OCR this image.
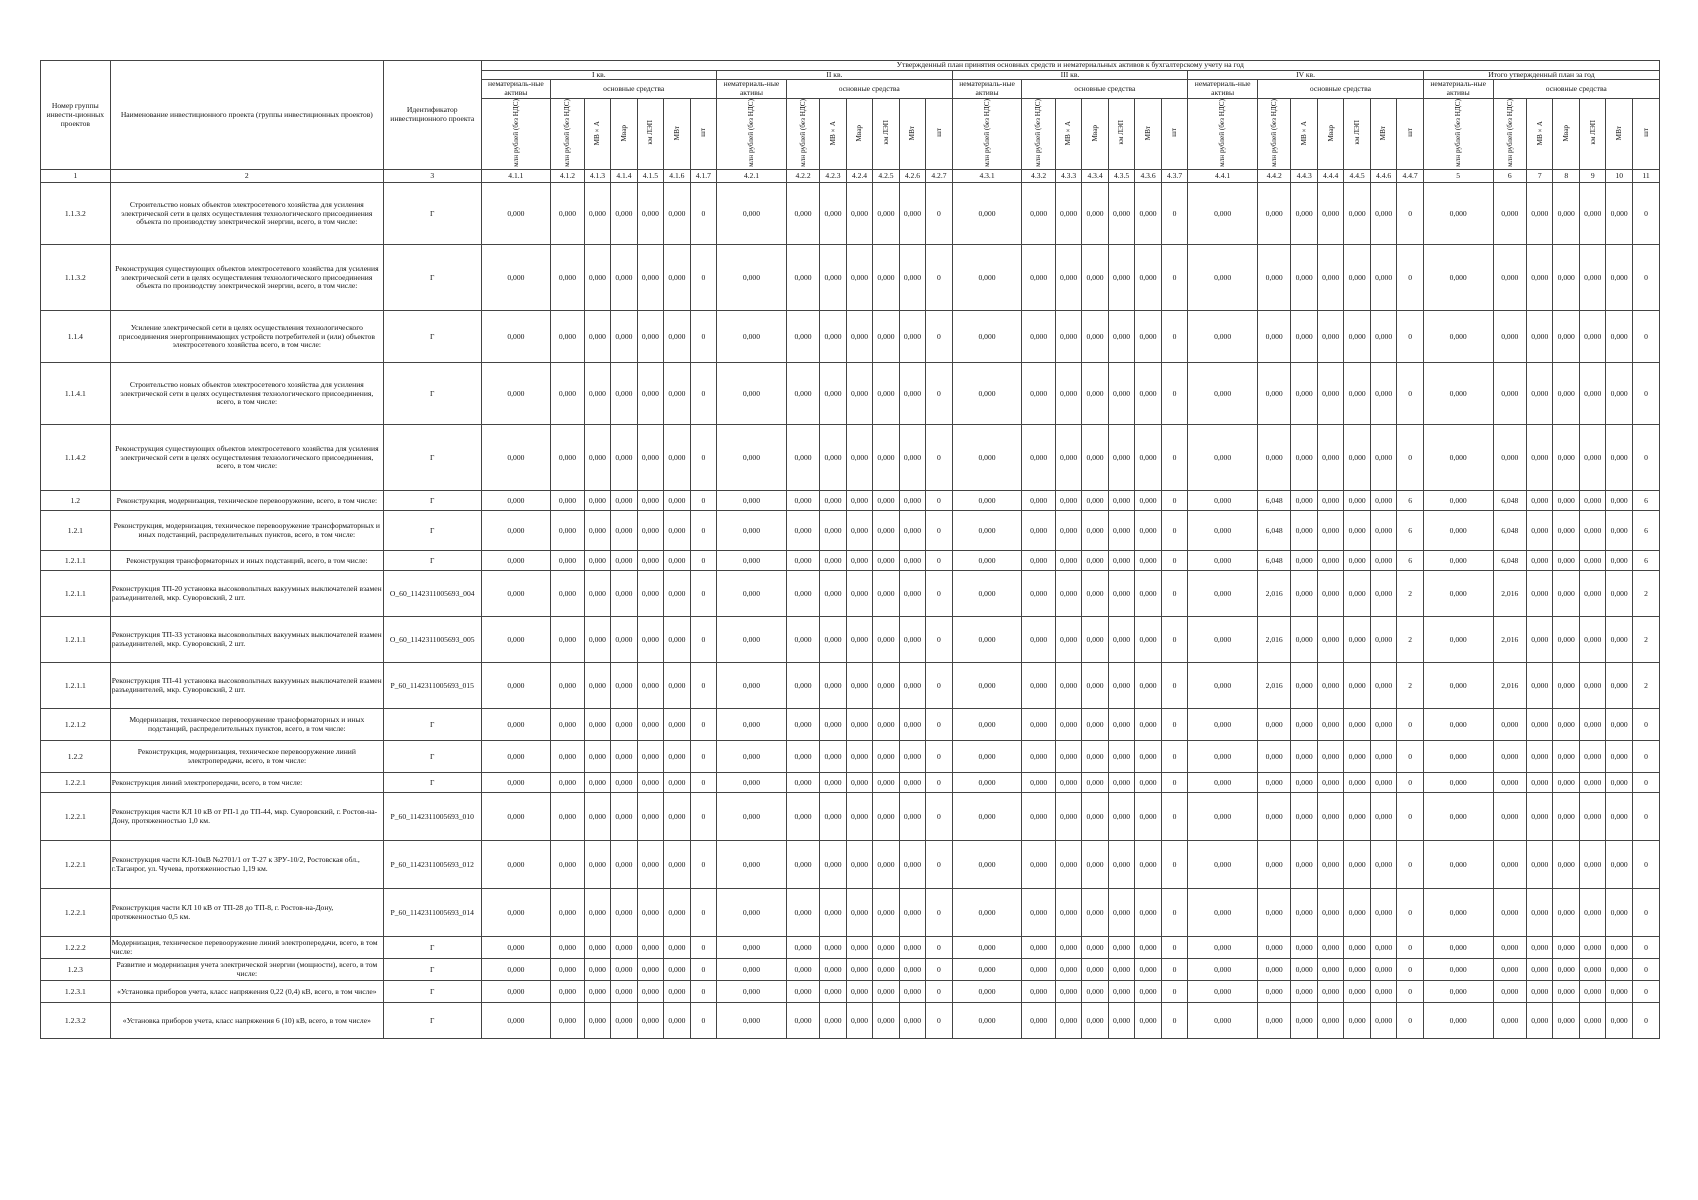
Номер группы инвести-ционных проектов	Наименование инвестиционного проекта (группы инвестиционных проектов)	Идентификатор инвестиционного проекта	Утвержденный план принятия основных средств и нематериальных активов к бухгалтерскому учету на год																																		
			I кв.							II кв.							III кв.							IV кв.							Итого утвержденный план за год						
			нематериаль-ные активы	основные средства						нематериаль-ные активы	основные средства						нематериаль-ные активы	основные средства						нематериаль-ные активы	основные средства						нематериаль-ные активы	основные средства					
			млн рублей (без НДС)	млн рублей (без НДС)	МВ×А	Мвар	км ЛЭП	МВт	шт	млн рублей (без НДС)	млн рублей (без НДС)	МВ×А	Мвар	км ЛЭП	МВт	шт	млн рублей (без НДС)	млн рублей (без НДС)	МВ×А	Мвар	км ЛЭП	МВт	шт	млн рублей (без НДС)	млн рублей (без НДС)	МВ×А	Мвар	км ЛЭП	МВт	шт	млн рублей (без НДС)	млн рублей (без НДС)	МВ×А	Мвар	км ЛЭП	МВт	шт
1	2	3	4.1.1	4.1.2	4.1.3	4.1.4	4.1.5	4.1.6	4.1.7	4.2.1	4.2.2	4.2.3	4.2.4	4.2.5	4.2.6	4.2.7	4.3.1	4.3.2	4.3.3	4.3.4	4.3.5	4.3.6	4.3.7	4.4.1	4.4.2	4.4.3	4.4.4	4.4.5	4.4.6	4.4.7	5	6	7	8	9	10	11
1.1.3.2	Строительство новых объектов электросетевого хозяйства для усиления электрической сети в целях осуществления технологического присоединения объекта по производству электрической энергии, всего, в том числе:	Г	0,000	0,000	0,000	0,000	0,000	0,000	0	0,000	0,000	0,000	0,000	0,000	0,000	0	0,000	0,000	0,000	0,000	0,000	0,000	0	0,000	0,000	0,000	0,000	0,000	0,000	0	0,000	0,000	0,000	0,000	0,000	0,000	0
1.1.3.2	Реконструкция существующих объектов электросетевого хозяйства для усиления электрической сети в целях осуществления технологического присоединения объекта по производству электрической энергии, всего, в том числе:	Г	0,000	0,000	0,000	0,000	0,000	0,000	0	0,000	0,000	0,000	0,000	0,000	0,000	0	0,000	0,000	0,000	0,000	0,000	0,000	0	0,000	0,000	0,000	0,000	0,000	0,000	0	0,000	0,000	0,000	0,000	0,000	0,000	0
1.1.4	Усиление электрической сети в целях осуществления технологического присоединения энергопринимающих устройств потребителей и (или) объектов электросетевого хозяйства всего, в том числе:	Г	0,000	0,000	0,000	0,000	0,000	0,000	0	0,000	0,000	0,000	0,000	0,000	0,000	0	0,000	0,000	0,000	0,000	0,000	0,000	0	0,000	0,000	0,000	0,000	0,000	0,000	0	0,000	0,000	0,000	0,000	0,000	0,000	0
1.1.4.1	Строительство новых объектов электросетевого хозяйства для усиления электрической сети в целях осуществления технологического присоединения, всего, в том числе:	Г	0,000	0,000	0,000	0,000	0,000	0,000	0	0,000	0,000	0,000	0,000	0,000	0,000	0	0,000	0,000	0,000	0,000	0,000	0,000	0	0,000	0,000	0,000	0,000	0,000	0,000	0	0,000	0,000	0,000	0,000	0,000	0,000	0
1.1.4.2	Реконструкция существующих объектов электросетевого хозяйства для усиления электрической сети в целях осуществления технологического присоединения, всего, в том числе:	Г	0,000	0,000	0,000	0,000	0,000	0,000	0	0,000	0,000	0,000	0,000	0,000	0,000	0	0,000	0,000	0,000	0,000	0,000	0,000	0	0,000	0,000	0,000	0,000	0,000	0,000	0	0,000	0,000	0,000	0,000	0,000	0,000	0
1.2	Реконструкция, модернизация, техническое перевооружение, всего, в том числе:	Г	0,000	0,000	0,000	0,000	0,000	0,000	0	0,000	0,000	0,000	0,000	0,000	0,000	0	0,000	0,000	0,000	0,000	0,000	0,000	0	0,000	6,048	0,000	0,000	0,000	0,000	6	0,000	6,048	0,000	0,000	0,000	0,000	6
1.2.1	Реконструкция, модернизация, техническое перевооружение трансформаторных и иных подстанций, распределительных пунктов, всего, в том числе:	Г	0,000	0,000	0,000	0,000	0,000	0,000	0	0,000	0,000	0,000	0,000	0,000	0,000	0	0,000	0,000	0,000	0,000	0,000	0,000	0	0,000	6,048	0,000	0,000	0,000	0,000	6	0,000	6,048	0,000	0,000	0,000	0,000	6
1.2.1.1	Реконструкция трансформаторных и иных подстанций, всего, в том числе:	Г	0,000	0,000	0,000	0,000	0,000	0,000	0	0,000	0,000	0,000	0,000	0,000	0,000	0	0,000	0,000	0,000	0,000	0,000	0,000	0	0,000	6,048	0,000	0,000	0,000	0,000	6	0,000	6,048	0,000	0,000	0,000	0,000	6
1.2.1.1	Реконструкция ТП-20 установка высоковольтных вакуумных выключателей взамен разъединителей, мкр. Суворовский, 2 шт.	O_60_1142311005693_004	0,000	0,000	0,000	0,000	0,000	0,000	0	0,000	0,000	0,000	0,000	0,000	0,000	0	0,000	0,000	0,000	0,000	0,000	0,000	0	0,000	2,016	0,000	0,000	0,000	0,000	2	0,000	2,016	0,000	0,000	0,000	0,000	2
1.2.1.1	Реконструкция ТП-33 установка высоковольтных вакуумных выключателей взамен разъединителей, мкр. Суворовский, 2 шт.	O_60_1142311005693_005	0,000	0,000	0,000	0,000	0,000	0,000	0	0,000	0,000	0,000	0,000	0,000	0,000	0	0,000	0,000	0,000	0,000	0,000	0,000	0	0,000	2,016	0,000	0,000	0,000	0,000	2	0,000	2,016	0,000	0,000	0,000	0,000	2
1.2.1.1	Реконструкция ТП-41 установка высоковольтных вакуумных выключателей взамен разъединителей, мкр. Суворовский, 2 шт.	P_60_1142311005693_015	0,000	0,000	0,000	0,000	0,000	0,000	0	0,000	0,000	0,000	0,000	0,000	0,000	0	0,000	0,000	0,000	0,000	0,000	0,000	0	0,000	2,016	0,000	0,000	0,000	0,000	2	0,000	2,016	0,000	0,000	0,000	0,000	2
1.2.1.2	Модернизация, техническое перевооружение трансформаторных и иных подстанций, распределительных пунктов, всего, в том числе:	Г	0,000	0,000	0,000	0,000	0,000	0,000	0	0,000	0,000	0,000	0,000	0,000	0,000	0	0,000	0,000	0,000	0,000	0,000	0,000	0	0,000	0,000	0,000	0,000	0,000	0,000	0	0,000	0,000	0,000	0,000	0,000	0,000	0
1.2.2	Реконструкция, модернизация, техническое перевооружение линий электропередачи, всего, в том числе:	Г	0,000	0,000	0,000	0,000	0,000	0,000	0	0,000	0,000	0,000	0,000	0,000	0,000	0	0,000	0,000	0,000	0,000	0,000	0,000	0	0,000	0,000	0,000	0,000	0,000	0,000	0	0,000	0,000	0,000	0,000	0,000	0,000	0
1.2.2.1	Реконструкция линий электропередачи, всего, в том числе:	Г	0,000	0,000	0,000	0,000	0,000	0,000	0	0,000	0,000	0,000	0,000	0,000	0,000	0	0,000	0,000	0,000	0,000	0,000	0,000	0	0,000	0,000	0,000	0,000	0,000	0,000	0	0,000	0,000	0,000	0,000	0,000	0,000	0
1.2.2.1	Реконструкция части КЛ 10 кВ от РП-1 до ТП-44, мкр. Суворовский, г. Ростов-на-Дону, протяженностью 1,0 км.	P_60_1142311005693_010	0,000	0,000	0,000	0,000	0,000	0,000	0	0,000	0,000	0,000	0,000	0,000	0,000	0	0,000	0,000	0,000	0,000	0,000	0,000	0	0,000	0,000	0,000	0,000	0,000	0,000	0	0,000	0,000	0,000	0,000	0,000	0,000	0
1.2.2.1	Реконструкция части КЛ-10кВ №2701/1 от Т-27 к ЗРУ-10/2, Ростовская обл., г.Таганрог, ул. Чучева, протяженностью 1,19 км.	P_60_1142311005693_012	0,000	0,000	0,000	0,000	0,000	0,000	0	0,000	0,000	0,000	0,000	0,000	0,000	0	0,000	0,000	0,000	0,000	0,000	0,000	0	0,000	0,000	0,000	0,000	0,000	0,000	0	0,000	0,000	0,000	0,000	0,000	0,000	0
1.2.2.1	Реконструкция части КЛ 10 кВ от ТП-28 до ТП-8, г. Ростов-на-Дону, протяженностью 0,5 км.	P_60_1142311005693_014	0,000	0,000	0,000	0,000	0,000	0,000	0	0,000	0,000	0,000	0,000	0,000	0,000	0	0,000	0,000	0,000	0,000	0,000	0,000	0	0,000	0,000	0,000	0,000	0,000	0,000	0	0,000	0,000	0,000	0,000	0,000	0,000	0
1.2.2.2	Модернизация, техническое перевооружение линий электропередачи, всего, в том числе:	Г	0,000	0,000	0,000	0,000	0,000	0,000	0	0,000	0,000	0,000	0,000	0,000	0,000	0	0,000	0,000	0,000	0,000	0,000	0,000	0	0,000	0,000	0,000	0,000	0,000	0,000	0	0,000	0,000	0,000	0,000	0,000	0,000	0
1.2.3	Развитие и модернизация учета электрической энергии (мощности), всего, в том числе:	Г	0,000	0,000	0,000	0,000	0,000	0,000	0	0,000	0,000	0,000	0,000	0,000	0,000	0	0,000	0,000	0,000	0,000	0,000	0,000	0	0,000	0,000	0,000	0,000	0,000	0,000	0	0,000	0,000	0,000	0,000	0,000	0,000	0
1.2.3.1	«Установка приборов учета, класс напряжения 0,22 (0,4) кВ, всего, в том числе»	Г	0,000	0,000	0,000	0,000	0,000	0,000	0	0,000	0,000	0,000	0,000	0,000	0,000	0	0,000	0,000	0,000	0,000	0,000	0,000	0	0,000	0,000	0,000	0,000	0,000	0,000	0	0,000	0,000	0,000	0,000	0,000	0,000	0
1.2.3.2	«Установка приборов учета, класс напряжения 6 (10) кВ, всего, в том числе»	Г	0,000	0,000	0,000	0,000	0,000	0,000	0	0,000	0,000	0,000	0,000	0,000	0,000	0	0,000	0,000	0,000	0,000	0,000	0,000	0	0,000	0,000	0,000	0,000	0,000	0,000	0	0,000	0,000	0,000	0,000	0,000	0,000	0
